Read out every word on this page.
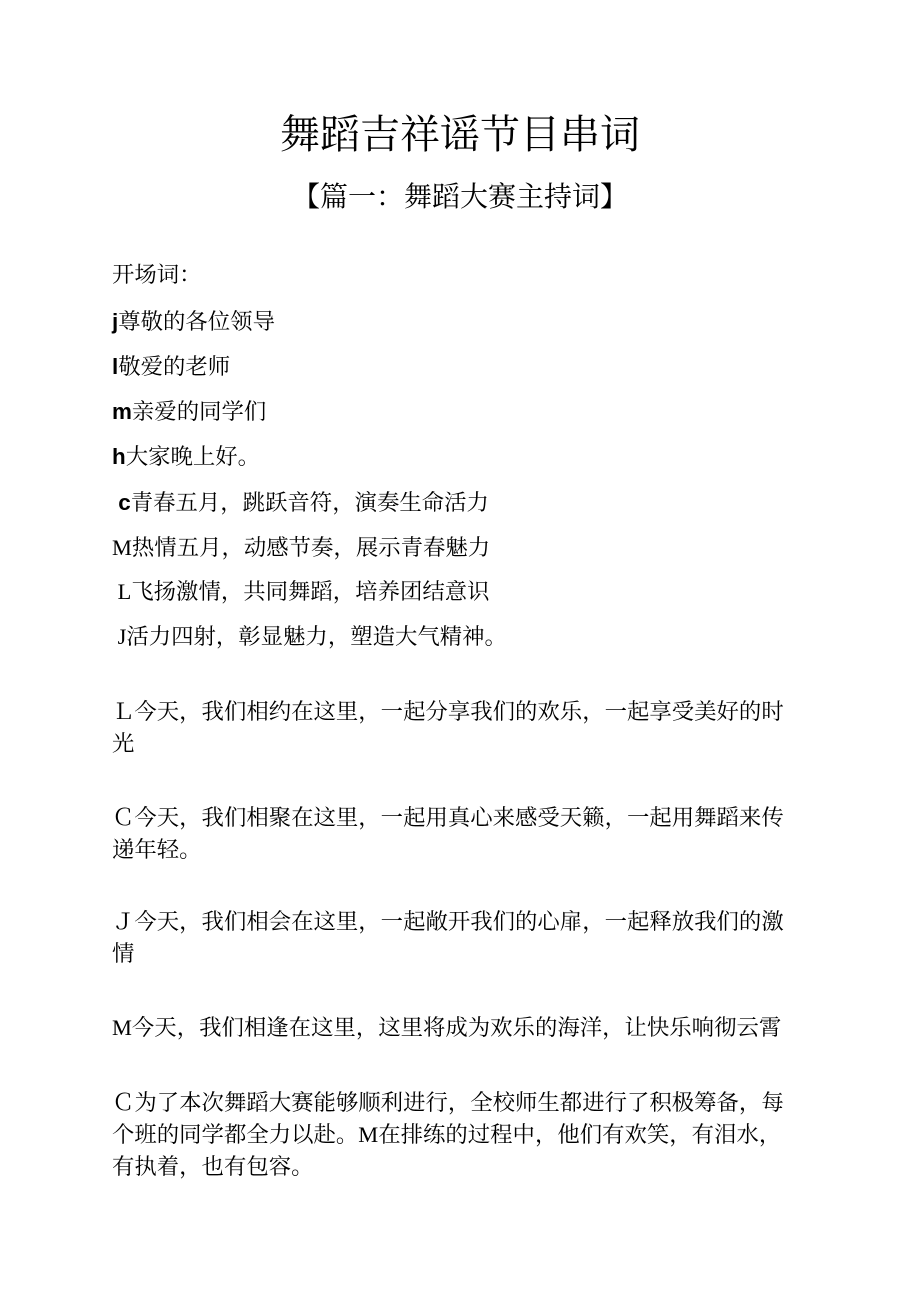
舞蹈吉祥谣节目串词
【篇一：舞蹈大赛主持词】
开场词：
j尊敬的各位领导
l敬爱的老师
m亲爱的同学们
h大家晚上好。
c青春五月，跳跃音符，演奏生命活力
M热情五月，动感节奏，展示青春魅力
L飞扬激情，共同舞蹈，培养团结意识
J活力四射，彰显魅力，塑造大气精神。
Ｌ今天，我们相约在这里，一起分享我们的欢乐，一起享受美好的时
光
Ｃ今天，我们相聚在这里，一起用真心来感受天籁，一起用舞蹈来传
递年轻。
Ｊ今天，我们相会在这里，一起敞开我们的心扉，一起释放我们的激
情
M今天，我们相逢在这里，这里将成为欢乐的海洋，让快乐响彻云霄
Ｃ为了本次舞蹈大赛能够顺利进行，全校师生都进行了积极筹备，每
个班的同学都全力以赴。M在排练的过程中，他们有欢笑，有泪水，
有执着，也有包容。
